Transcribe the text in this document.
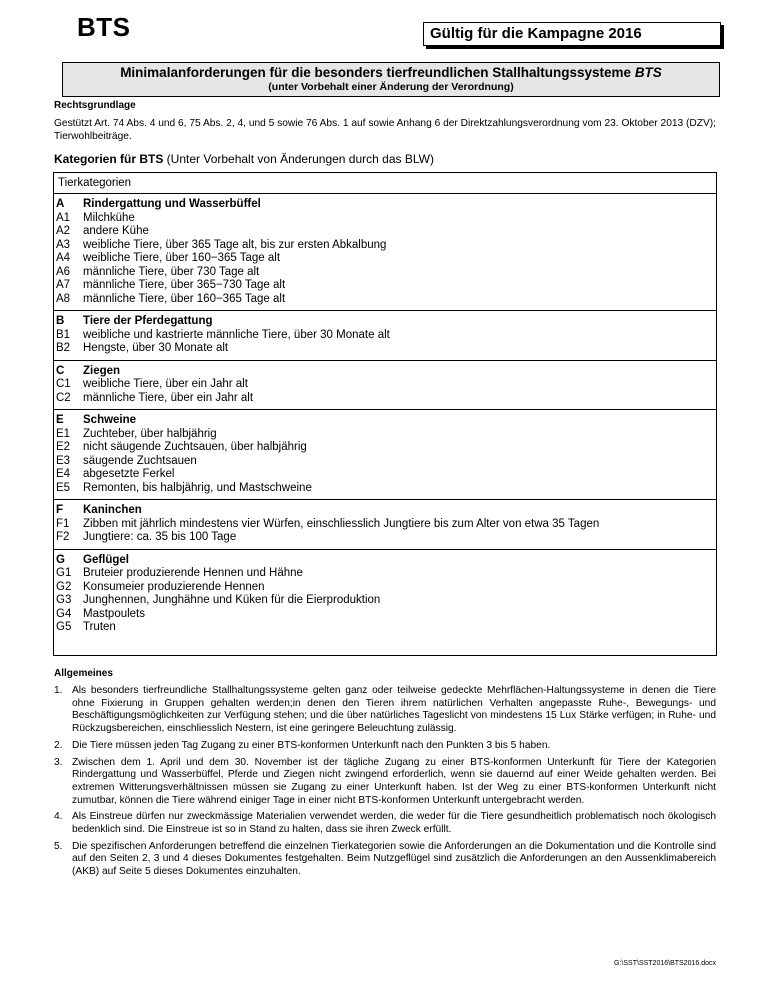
BTS	Gültig für die Kampagne 2016
Minimalanforderungen für die besonders tierfreundlichen Stallhaltungssysteme BTS
(unter Vorbehalt einer Änderung der Verordnung)
Rechtsgrundlage
Gestützt Art. 74 Abs. 4 und 6, 75 Abs. 2, 4, und 5 sowie 76 Abs. 1 auf sowie Anhang 6 der Direktzahlungsverordnung vom 23. Oktober 2013 (DZV); Tierwohlbeiträge.
Kategorien für BTS (Unter Vorbehalt von Änderungen durch das BLW)
Tierkategorien
A	Rindergattung und Wasserbüffel
A1	Milchkühe
A2	andere Kühe
A3	weibliche Tiere, über 365 Tage alt, bis zur ersten Abkalbung
A4	weibliche Tiere, über 160−365 Tage alt
A6	männliche Tiere, über 730 Tage alt
A7	männliche Tiere, über 365−730 Tage alt
A8	männliche Tiere, über 160−365 Tage alt
B	Tiere der Pferdegattung
B1	weibliche und kastrierte männliche Tiere, über 30 Monate alt
B2	Hengste, über 30 Monate alt
C	Ziegen
C1	weibliche Tiere, über ein Jahr alt
C2	männliche Tiere, über ein Jahr alt
E	Schweine
E1	Zuchteber, über halbjährig
E2	nicht säugende Zuchtsauen, über halbjährig
E3	säugende Zuchtsauen
E4	abgesetzte Ferkel
E5	Remonten, bis halbjährig, und Mastschweine
F	Kaninchen
F1	Zibben mit jährlich mindestens vier Würfen, einschliesslich Jungtiere bis zum Alter von etwa 35 Tagen
F2	Jungtiere: ca. 35 bis 100 Tage
G	Geflügel
G1	Bruteier produzierende Hennen und Hähne
G2	Konsumeier produzierende Hennen
G3	Junghennen, Junghähne und Küken für die Eierproduktion
G4	Mastpoulets
G5	Truten
Allgemeines
1. Als besonders tierfreundliche Stallhaltungssysteme gelten ganz oder teilweise gedeckte Mehrflächen-Haltungssysteme in denen die Tiere ohne Fixierung in Gruppen gehalten werden;in denen den Tieren ihrem natürlichen Verhalten angepasste Ruhe-, Bewegungs- und Beschäftigungsmöglichkeiten zur Verfügung stehen; und die über natürliches Tageslicht von mindestens 15 Lux Stärke verfügen; in Ruhe- und Rückzugsbereichen, einschliesslich Nestern, ist eine geringere Beleuchtung zulässig.
2. Die Tiere müssen jeden Tag Zugang zu einer BTS-konformen Unterkunft nach den Punkten 3 bis 5 haben.
3. Zwischen dem 1. April und dem 30. November ist der tägliche Zugang zu einer BTS-konformen Unterkunft für Tiere der Kategorien Rindergattung und Wasserbüffel, Pferde und Ziegen nicht zwingend erforderlich, wenn sie dauernd auf einer Weide gehalten werden. Bei extremen Witterungsverhältnissen müssen sie Zugang zu einer Unterkunft haben. Ist der Weg zu einer BTS-konformen Unterkunft nicht zumutbar, können die Tiere während einiger Tage in einer nicht BTS-konformen Unterkunft untergebracht werden.
4. Als Einstreue dürfen nur zweckmässige Materialien verwendet werden, die weder für die Tiere gesundheitlich problematisch noch ökologisch bedenklich sind. Die Einstreue ist so in Stand zu halten, dass sie ihren Zweck erfüllt.
5. Die spezifischen Anforderungen betreffend die einzelnen Tierkategorien sowie die Anforderungen an die Dokumentation und die Kontrolle sind auf den Seiten 2, 3 und 4 dieses Dokumentes festgehalten. Beim Nutzgeflügel sind zusätzlich die Anforderungen an den Aussenklimabereich (AKB) auf Seite 5 dieses Dokumentes einzuhalten.
G:\SST\SST2016\BTS2016.docx
